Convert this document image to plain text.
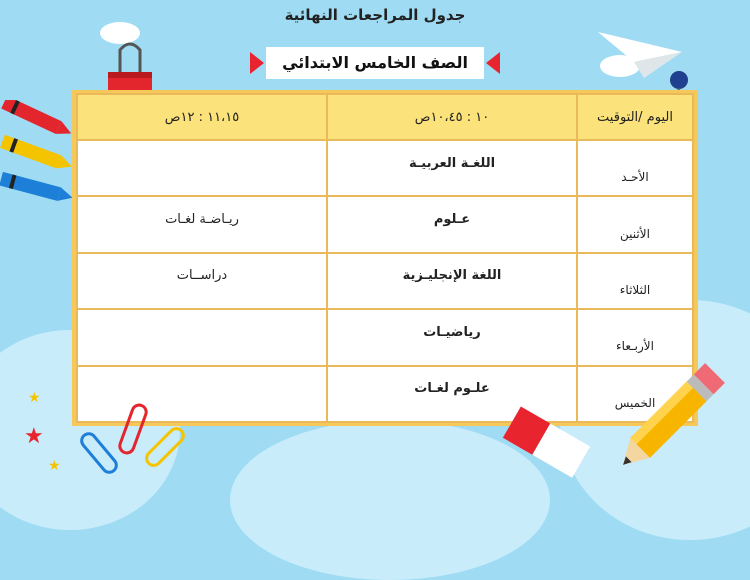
جدول المراجعات النهائية
الصف الخامس الابتدائي
اليوم /التوقيت	١٠ : ١٠،٤٥ص	١١،١٥ : ١٢ص
الأحـد	اللغـة العربيـة	
الأثنين	عـلوم	ريـاضـة لغـات
الثلاثاء	اللغة الإنجليـزية	دراســات
الأربـعاء	رياضيـات	
الخميس	علـوم لغـات	
★
★
★
